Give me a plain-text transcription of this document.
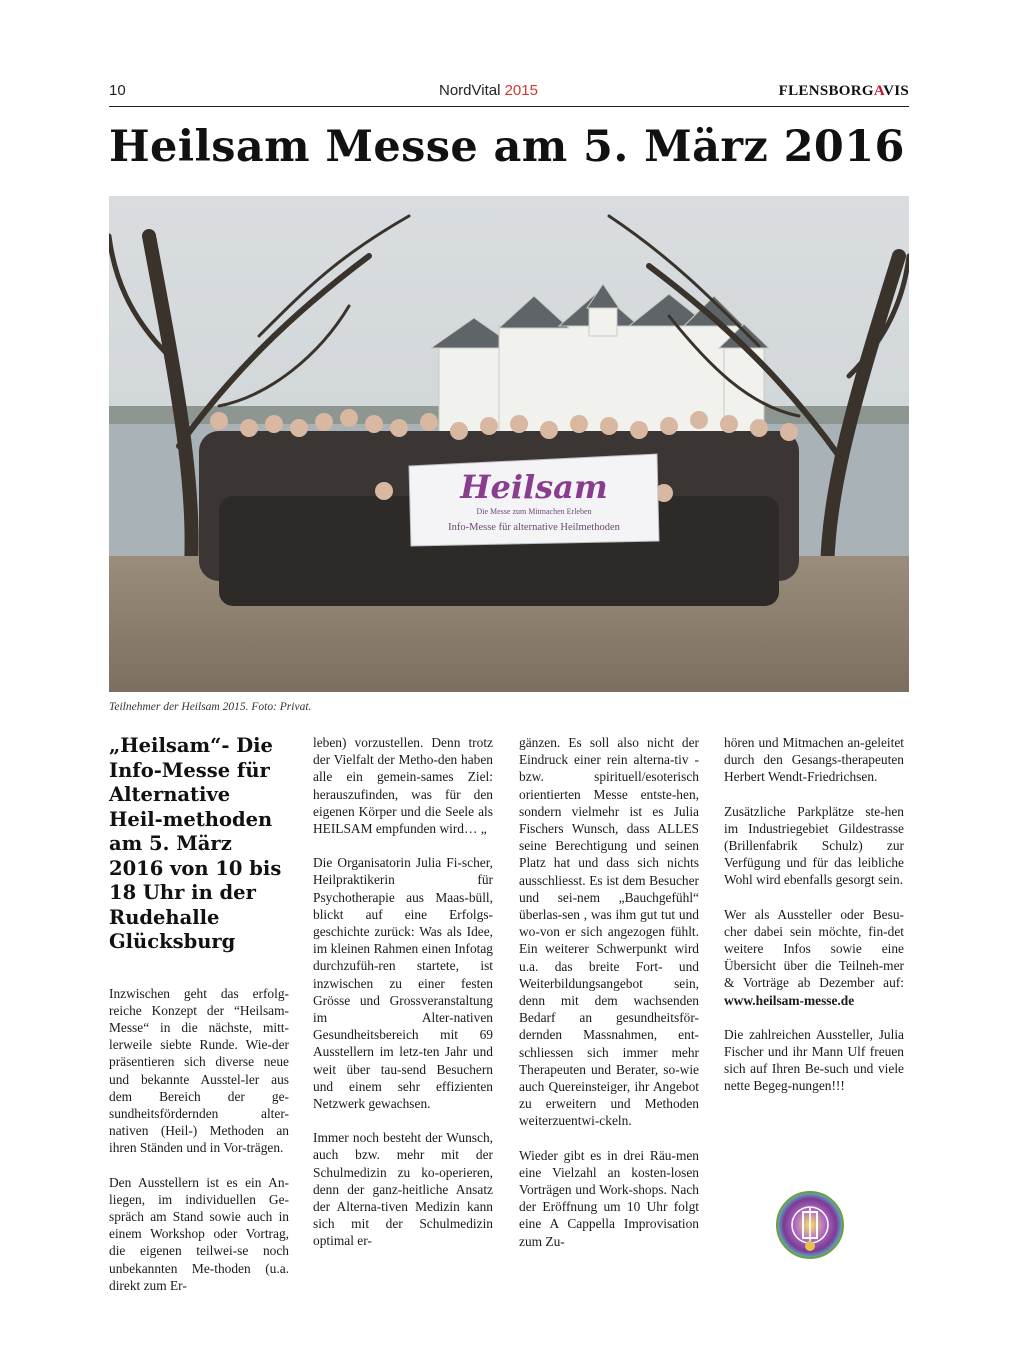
10	NordVital 2015	FLENSBORGAVIS
Heilsam Messe am 5. März 2016
Heilsam
Die Messe zum Mitmachen Erleben
Info-Messe für alternative Heilmethoden
Teilnehmer der Heilsam 2015. Foto: Privat.
„Heilsam“- Die Info-Messe für Alternative Heil-methoden am 5. März 2016 von 10 bis 18 Uhr in der Rudehalle Glücksburg

Inzwischen geht das erfolg-reiche Konzept der “Heilsam-Messe“ in die nächste, mitt-lerweile siebte Runde. Wie-der präsentieren sich diverse neue und bekannte Ausstel-ler aus dem Bereich der ge-sundheitsfördernden alter-nativen (Heil-) Methoden an ihren Ständen und in Vor-trägen.

Den Ausstellern ist es ein An-liegen, im individuellen Ge-spräch am Stand sowie auch in einem Workshop oder Vortrag, die eigenen teilwei-se noch unbekannten Me-thoden (u.a. direkt zum Er-

leben) vorzustellen. Denn trotz der Vielfalt der Metho-den haben alle ein gemein-sames Ziel: herauszufinden, was für den eigenen Körper und die Seele als HEILSAM empfunden wird… „

Die Organisatorin Julia Fi-scher, Heilpraktikerin für Psychotherapie aus Maas-büll, blickt auf eine Erfolgs-geschichte zurück: Was als Idee, im kleinen Rahmen einen Infotag durchzufüh-ren startete, ist inzwischen zu einer festen Grösse und Grossveranstaltung im Alter-nativen Gesundheitsbereich mit 69 Ausstellern im letz-ten Jahr und weit über tau-send Besuchern und einem sehr effizienten Netzwerk gewachsen.

Immer noch besteht der Wunsch, auch bzw. mehr mit der Schulmedizin zu ko-operieren, denn der ganz-heitliche Ansatz der Alterna-tiven Medizin kann sich mit der Schulmedizin optimal er-

gänzen. Es soll also nicht der Eindruck einer rein alterna-tiv -bzw. spirituell/esoterisch orientierten Messe entste-hen, sondern vielmehr ist es Julia Fischers Wunsch, dass ALLES seine Berechtigung und seinen Platz hat und dass sich nichts ausschliesst. Es ist dem Besucher und sei-nem „Bauchgefühl“ überlas-sen , was ihm gut tut und wo-von er sich angezogen fühlt. Ein weiterer Schwerpunkt wird u.a. das breite Fort- und Weiterbildungsangebot sein, denn mit dem wachsenden Bedarf an gesundheitsför-dernden Massnahmen, ent-schliessen sich immer mehr Therapeuten und Berater, so-wie auch Quereinsteiger, ihr Angebot zu erweitern und Methoden weiterzuentwi-ckeln.

Wieder gibt es in drei Räu-men eine Vielzahl an kosten-losen Vorträgen und Work-shops. Nach der Eröffnung um 10 Uhr folgt eine A Cappella Improvisation zum Zu-

hören und Mitmachen an-geleitet durch den Gesangs-therapeuten Herbert Wendt-Friedrichsen.

Zusätzliche Parkplätze ste-hen im Industriegebiet Gildestrasse (Brillenfabrik Schulz) zur Verfügung und für das leibliche Wohl wird ebenfalls gesorgt sein.

Wer als Aussteller oder Besu-cher dabei sein möchte, fin-det weitere Infos sowie eine Übersicht über die Teilneh-mer & Vorträge ab Dezember auf: www.heilsam-messe.de

Die zahlreichen Aussteller, Julia Fischer und ihr Mann Ulf freuen sich auf Ihren Be-such und viele nette Begeg-nungen!!!
